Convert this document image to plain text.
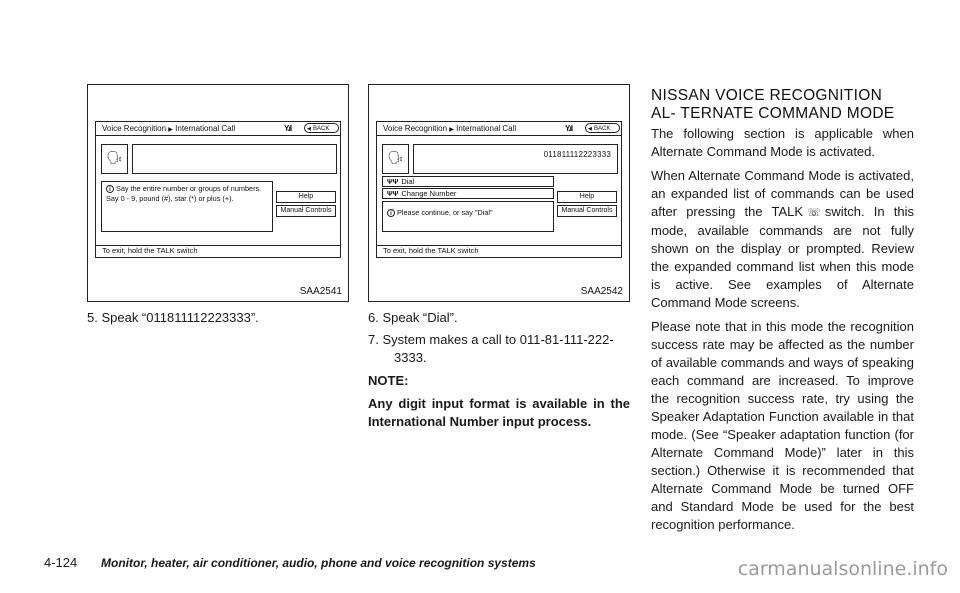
Voice Recognition ▶ International Call	Y.ıl	◀ BACK
🗣
i Say the entire number or groups of numbers. Say 0 - 9, pound (#), star (*) or plus (+).	Help
Manual Controls
To exit, hold the TALK switch
SAA2541
Voice Recognition ▶ International Call	Y.ıl	◀ BACK
🗣	011811112223333
ΨΨ Dial
ΨΨ Change Number
i Please continue, or say "Dial"
Help
Manual Controls
To exit, hold the TALK switch
SAA2542
5. Speak “011811112223333”.	6. Speak “Dial”.
7. System makes a call to 011-81-111-222-
3333.
NOTE:
Any digit input format is available in the International Number input process.
NISSAN VOICE RECOGNITION AL- TERNATE COMMAND MODE

The following section is applicable when Alternate Command Mode is activated.

When Alternate Command Mode is activated, an expanded list of commands can be used after pressing the TALK ☏ switch. In this mode, available commands are not fully shown on the display or prompted. Review the expanded command list when this mode is active. See examples of Alternate Command Mode screens.

Please note that in this mode the recognition success rate may be affected as the number of available commands and ways of speaking each command are increased. To improve the recognition success rate, try using the Speaker Adaptation Function available in that mode. (See “Speaker adaptation function (for Alternate Command Mode)” later in this section.) Otherwise it is recommended that Alternate Command Mode be turned OFF and Standard Mode be used for the best recognition performance.

4-124 Monitor, heater, air conditioner, audio, phone and voice recognition systems	carmanualsonline.info
